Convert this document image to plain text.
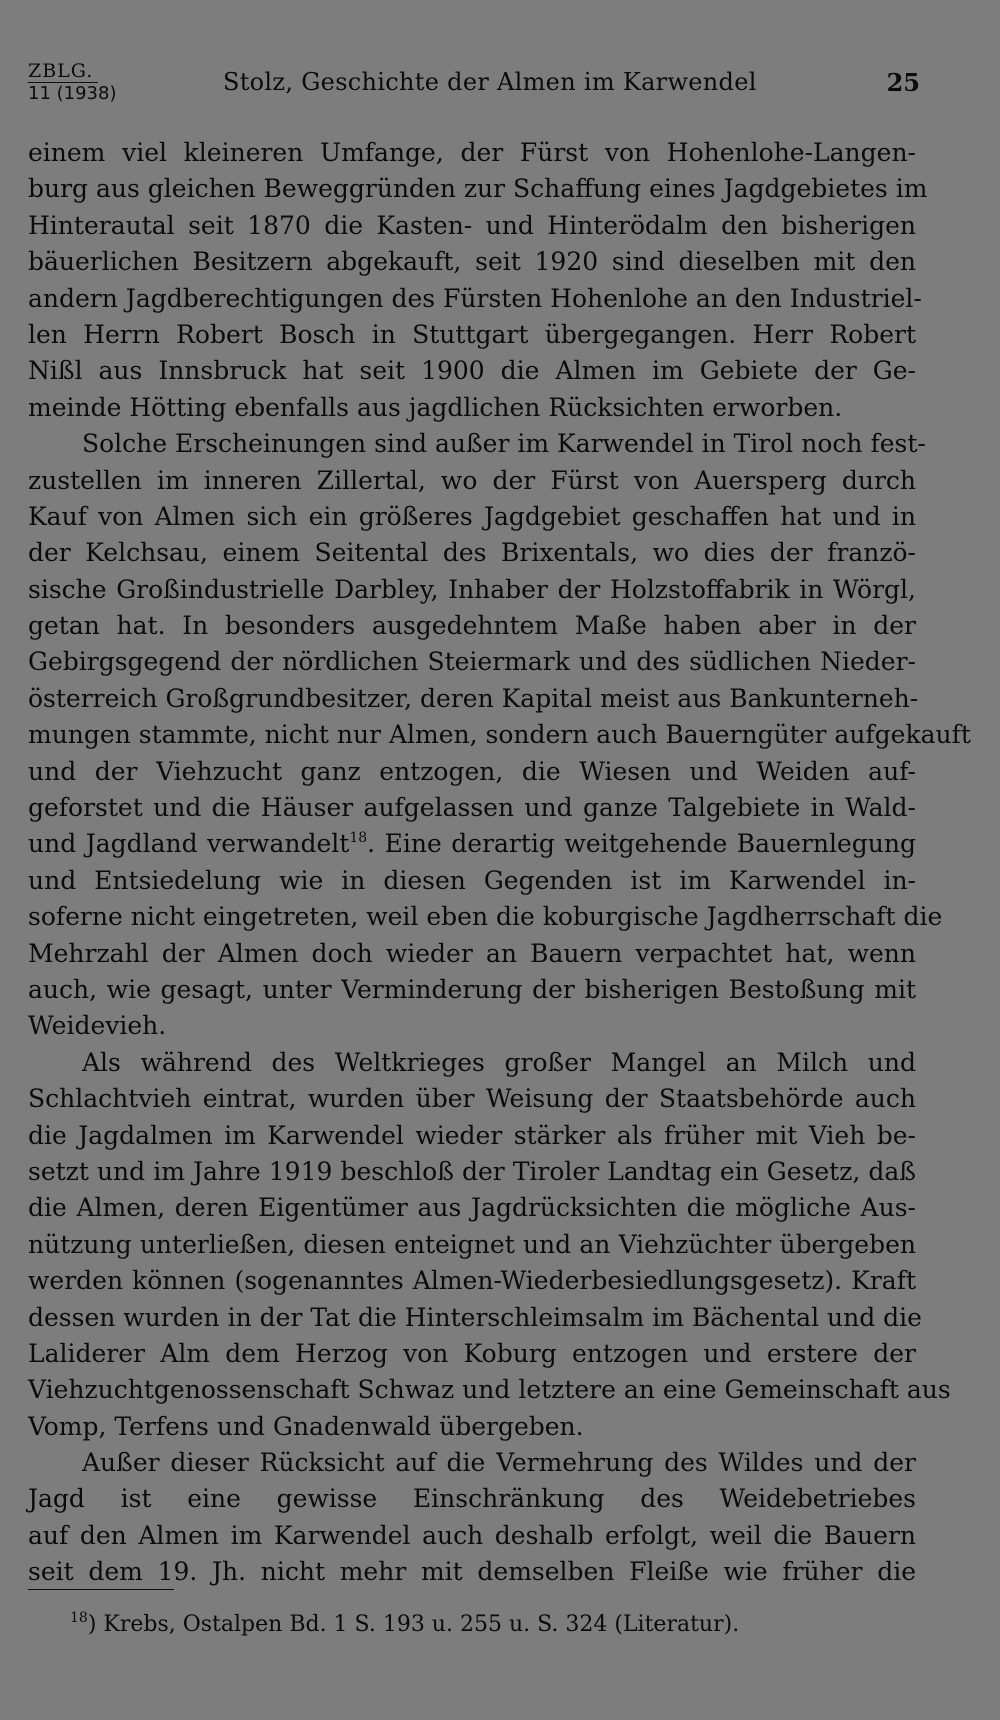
ZBLG.
11 (1938)	Stolz, Geschichte der Almen im Karwendel	25
einem viel kleineren Umfange, der Fürst von Hohenlohe-Langen-
burg aus gleichen Beweggründen zur Schaffung eines Jagdgebietes im
Hinterautal seit 1870 die Kasten- und Hinterödalm den bisherigen
bäuerlichen Besitzern abgekauft, seit 1920 sind dieselben mit den
andern Jagdberechtigungen des Fürsten Hohenlohe an den Industriel-
len Herrn Robert Bosch in Stuttgart übergegangen. Herr Robert
Nißl aus Innsbruck hat seit 1900 die Almen im Gebiete der Ge-
meinde Hötting ebenfalls aus jagdlichen Rücksichten erworben.
Solche Erscheinungen sind außer im Karwendel in Tirol noch fest-
zustellen im inneren Zillertal, wo der Fürst von Auersperg durch
Kauf von Almen sich ein größeres Jagdgebiet geschaffen hat und in
der Kelchsau, einem Seitental des Brixentals, wo dies der franzö-
sische Großindustrielle Darbley, Inhaber der Holzstoffabrik in Wörgl,
getan hat. In besonders ausgedehntem Maße haben aber in der
Gebirgsgegend der nördlichen Steiermark und des südlichen Nieder-
österreich Großgrundbesitzer, deren Kapital meist aus Bankunterneh-
mungen stammte, nicht nur Almen, sondern auch Bauerngüter aufgekauft
und der Viehzucht ganz entzogen, die Wiesen und Weiden auf-
geforstet und die Häuser aufgelassen und ganze Talgebiete in Wald-
und Jagdland verwandelt$^{18}$. Eine derartig weitgehende Bauernlegung
und Entsiedelung wie in diesen Gegenden ist im Karwendel in-
soferne nicht eingetreten, weil eben die koburgische Jagdherrschaft die
Mehrzahl der Almen doch wieder an Bauern verpachtet hat, wenn
auch, wie gesagt, unter Verminderung der bisherigen Bestoßung mit
Weidevieh.
Als während des Weltkrieges großer Mangel an Milch und
Schlachtvieh eintrat, wurden über Weisung der Staatsbehörde auch
die Jagdalmen im Karwendel wieder stärker als früher mit Vieh be-
setzt und im Jahre 1919 beschloß der Tiroler Landtag ein Gesetz, daß
die Almen, deren Eigentümer aus Jagdrücksichten die mögliche Aus-
nützung unterließen, diesen enteignet und an Viehzüchter übergeben
werden können (sogenanntes Almen-Wiederbesiedlungsgesetz). Kraft
dessen wurden in der Tat die Hinterschleimsalm im Bächental und die
Laliderer Alm dem Herzog von Koburg entzogen und erstere der
Viehzuchtgenossenschaft Schwaz und letztere an eine Gemeinschaft aus
Vomp, Terfens und Gnadenwald übergeben.
Außer dieser Rücksicht auf die Vermehrung des Wildes und der
Jagd ist eine gewisse Einschränkung des Weidebetriebes
auf den Almen im Karwendel auch deshalb erfolgt, weil die Bauern
seit dem 19. Jh. nicht mehr mit demselben Fleiße wie früher die
$^{18}$) Krebs, Ostalpen Bd. 1 S. 193 u. 255 u. S. 324 (Literatur).
